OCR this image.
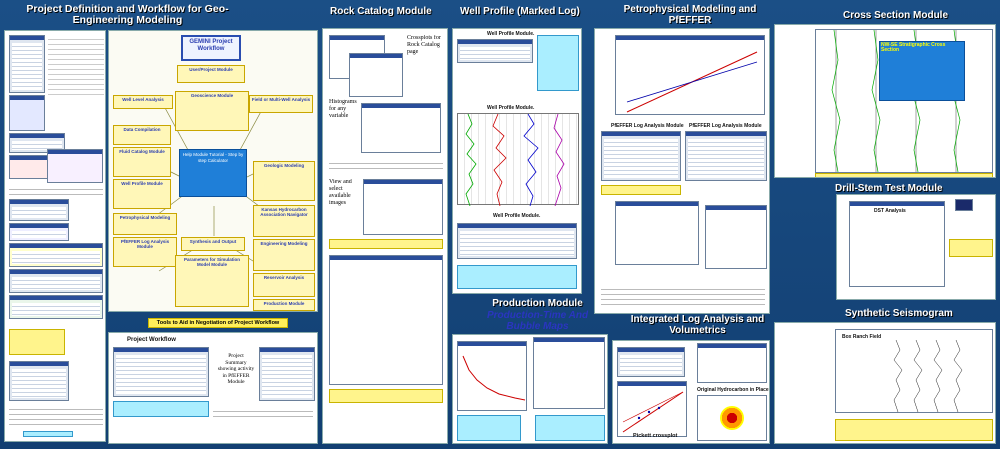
Project Definition and Workflow for Geo-Engineering Modeling
Rock Catalog Module	Well Profile (Marked Log)	Petrophysical Modeling and PfEFFER	Cross Section Module
Drill-Stem Test Module
Synthetic Seismogram
Integrated Log Analysis and Volumetrics
GEMINI Project Workflow
User/Project Module
Well Level Analysis
Geoscience Module
Field or Multi-Well Analysis
Data Compilation
Fluid Catalog Module
Well Profile Module
Help Module Tutorial - Step by step Calculator
Geologic Modeling
Petrophysical Modeling
PfEFFER Log Analysis Module
Kansas Hydrocarbon Association Navigator
Synthesis and Output	Engineering Modeling
Parameters for Simulation Model Module
Reservoir Analysis
Production Module
Tools to Aid in Negotiation of Project Workflow
Project Workflow
Project Summary showing activity in PfEFFER Module
Crossplots for Rock Catalog page
Histograms for any variable
View and select available images
Well Profile Module.
Well Profile Module.
Well Profile Module.
Production Module
Production-Time And Bubble Maps
PfEFFER Log Analysis Module PfEFFER Log Analysis Module
Pickett crossplot
Original Hydrocarbon in Place
NW-SE Stratigraphic Cross Section
DST Analysis
Box Ranch Field
